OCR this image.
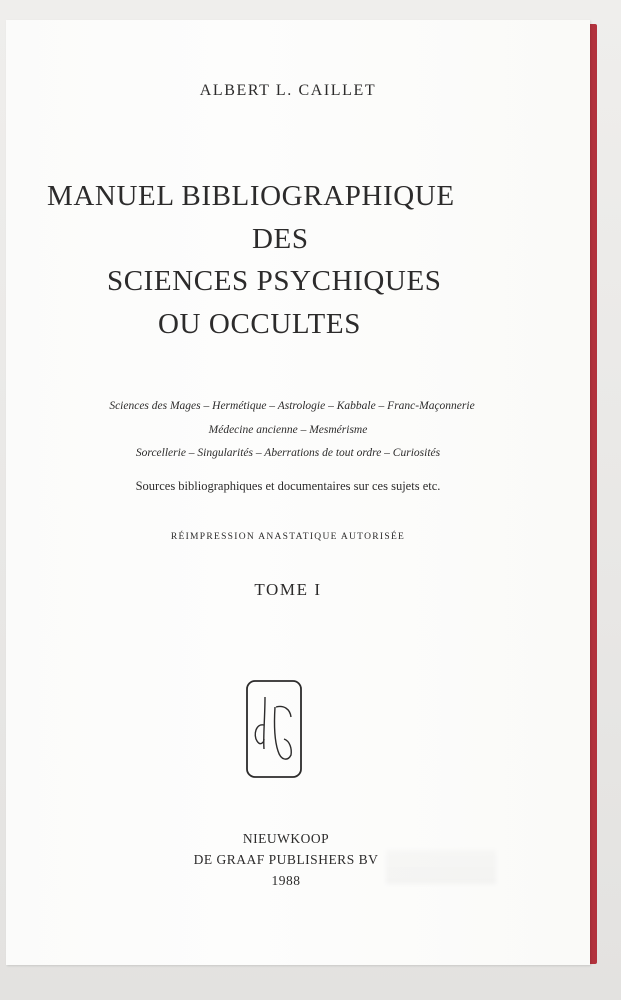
ALBERT L. CAILLET
MANUEL BIBLIOGRAPHIQUE
DES
SCIENCES PSYCHIQUES
OU OCCULTES
Sciences des Mages – Hermétique – Astrologie – Kabbale – Franc-Maçonnerie
Médecine ancienne – Mesmérisme
Sorcellerie – Singularités – Aberrations de tout ordre – Curiosités
Sources bibliographiques et documentaires sur ces sujets etc.
RÉIMPRESSION ANASTATIQUE AUTORISÉE
TOME I
NIEUWKOOP
DE GRAAF PUBLISHERS BV
1988
